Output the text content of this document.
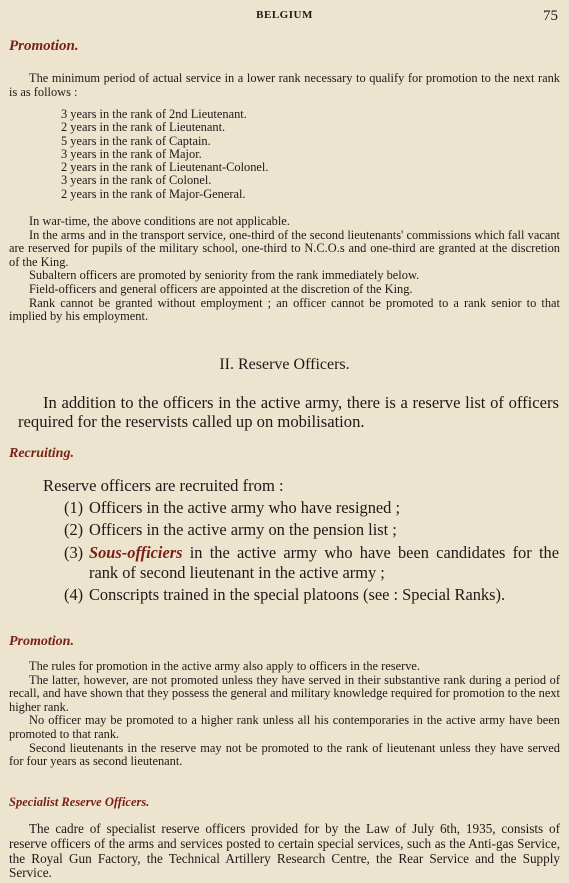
BELGIUM	75
Promotion.

The minimum period of actual service in a lower rank necessary to qualify for promotion to the next rank is as follows :

3 years in the rank of 2nd Lieutenant.
2 years in the rank of Lieutenant.
5 years in the rank of Captain.
3 years in the rank of Major.
2 years in the rank of Lieutenant-Colonel.
3 years in the rank of Colonel.
2 years in the rank of Major-General.

In war-time, the above conditions are not applicable.

In the arms and in the transport service, one-third of the second lieutenants' commissions which fall vacant are reserved for pupils of the military school, one-third to N.C.O.s and one-third are granted at the discretion of the King.

Subaltern officers are promoted by seniority from the rank immediately below.

Field-officers and general officers are appointed at the discretion of the King.

Rank cannot be granted without employment ; an officer cannot be promoted to a rank senior to that implied by his employment.

II. Reserve Officers.
In addition to the officers in the active army, there is a reserve list of officers required for the reservists called up on mobilisation.
Recruiting.
Reserve officers are recruited from :
(1) Officers in the active army who have resigned ;
(2) Officers in the active army on the pension list ;
(3) Sous-officiers in the active army who have been candidates for the rank of second lieutenant in the active army ;
(4) Conscripts trained in the special platoons (see : Special Ranks).
Promotion.

The rules for promotion in the active army also apply to officers in the reserve.

The latter, however, are not promoted unless they have served in their substantive rank during a period of recall, and have shown that they possess the general and military knowledge required for promotion to the next higher rank.

No officer may be promoted to a higher rank unless all his contemporaries in the active army have been promoted to that rank.

Second lieutenants in the reserve may not be promoted to the rank of lieutenant unless they have served for four years as second lieutenant.

Specialist Reserve Officers.

The cadre of specialist reserve officers provided for by the Law of July 6th, 1935, consists of reserve officers of the arms and services posted to certain special services, such as the Anti-gas Service, the Royal Gun Factory, the Technical Artillery Research Centre, the Rear Service and the Supply Service.
